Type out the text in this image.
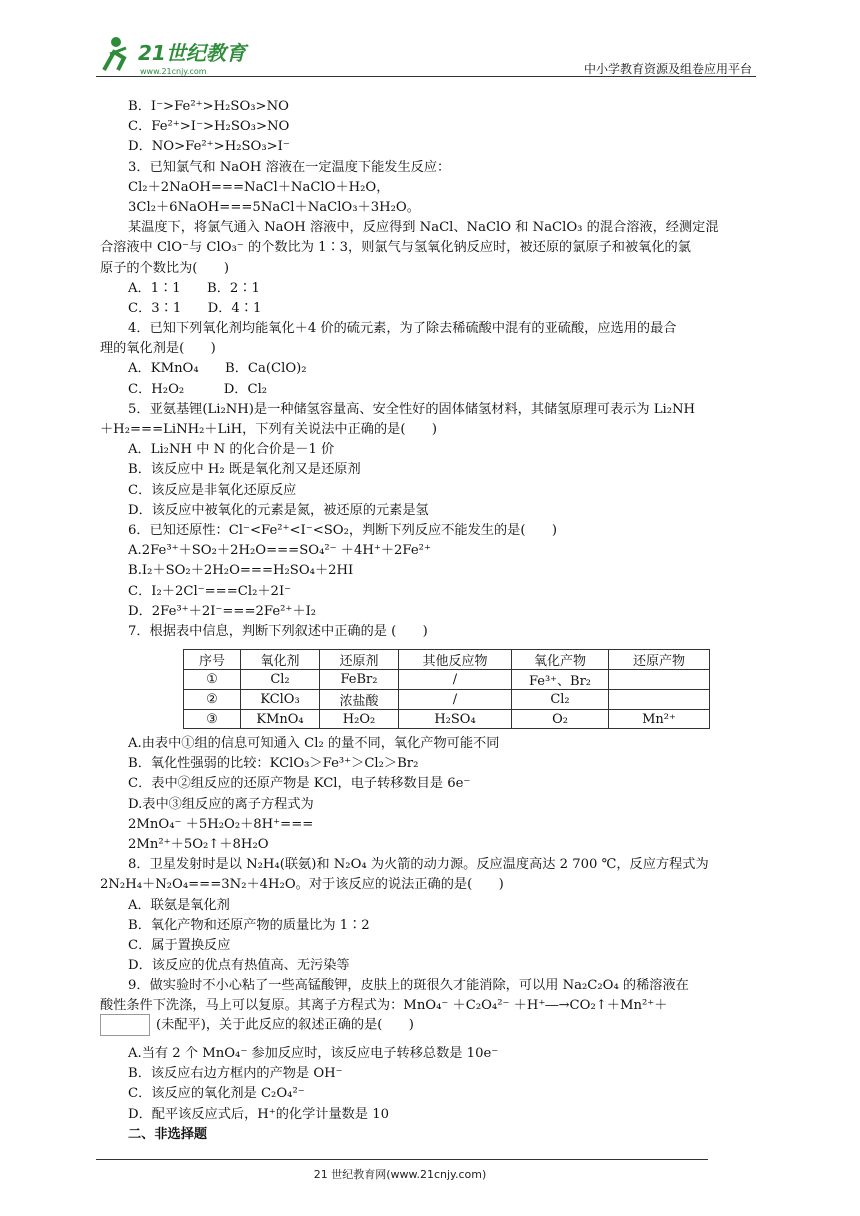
21世纪教育
www.21cnjy.com	中小学教育资源及组卷应用平台
B．I⁻>Fe²⁺>H₂SO₃>NO
C．Fe²⁺>I⁻>H₂SO₃>NO
D．NO>Fe²⁺>H₂SO₃>I⁻
3．已知氯气和 NaOH 溶液在一定温度下能发生反应：
Cl₂＋2NaOH===NaCl＋NaClO＋H₂O，
3Cl₂＋6NaOH===5NaCl＋NaClO₃＋3H₂O。
某温度下，将氯气通入 NaOH 溶液中，反应得到 NaCl、NaClO 和 NaClO₃ 的混合溶液，经测定混
合溶液中 ClO⁻与 ClO₃⁻ 的个数比为 1∶3，则氯气与氢氧化钠反应时，被还原的氯原子和被氧化的氯
原子的个数比为(　　)
A．1∶1　　B．2∶1
C．3∶1　　D．4∶1
4．已知下列氧化剂均能氧化＋4 价的硫元素，为了除去稀硫酸中混有的亚硫酸，应选用的最合
理的氧化剂是(　　)
A．KMnO₄　　B．Ca(ClO)₂
C．H₂O₂　　　D．Cl₂
5．亚氨基锂(Li₂NH)是一种储氢容量高、安全性好的固体储氢材料，其储氢原理可表示为 Li₂NH
＋H₂===LiNH₂＋LiH，下列有关说法中正确的是(　　)
A．Li₂NH 中 N 的化合价是－1 价
B．该反应中 H₂ 既是氧化剂又是还原剂
C．该反应是非氧化还原反应
D．该反应中被氧化的元素是氮，被还原的元素是氢
6．已知还原性：Cl⁻<Fe²⁺<I⁻<SO₂，判断下列反应不能发生的是(　　)
A.2Fe³⁺＋SO₂＋2H₂O===SO₄²⁻ ＋4H⁺＋2Fe²⁺
B.I₂＋SO₂＋2H₂O===H₂SO₄＋2HI
C．I₂＋2Cl⁻===Cl₂＋2I⁻
D．2Fe³⁺＋2I⁻===2Fe²⁺＋I₂
7．根据表中信息，判断下列叙述中正确的是 (　　)
序号	氧化剂	还原剂	其他反应物	氧化产物	还原产物
①	Cl₂	FeBr₂	/	Fe³⁺、Br₂	
②	KClO₃	浓盐酸	/	Cl₂	
③	KMnO₄	H₂O₂	H₂SO₄	O₂	Mn²⁺
A.由表中①组的信息可知通入 Cl₂ 的量不同，氧化产物可能不同
B．氧化性强弱的比较：KClO₃＞Fe³⁺＞Cl₂＞Br₂
C．表中②组反应的还原产物是 KCl，电子转移数目是 6e⁻
D.表中③组反应的离子方程式为
2MnO₄⁻ ＋5H₂O₂＋8H⁺===
2Mn²⁺＋5O₂↑＋8H₂O
8．卫星发射时是以 N₂H₄(联氨)和 N₂O₄ 为火箭的动力源。反应温度高达 2 700 ℃，反应方程式为
2N₂H₄＋N₂O₄===3N₂＋4H₂O。对于该反应的说法正确的是(　　)
A．联氨是氧化剂
B．氧化产物和还原产物的质量比为 1∶2
C．属于置换反应
D．该反应的优点有热值高、无污染等
9．做实验时不小心粘了一些高锰酸钾，皮肤上的斑很久才能消除，可以用 Na₂C₂O₄ 的稀溶液在
酸性条件下洗涤，马上可以复原。其离子方程式为：MnO₄⁻ ＋C₂O₄²⁻ ＋H⁺―→CO₂↑＋Mn²⁺＋
(未配平)，关于此反应的叙述正确的是(　　)
A.当有 2 个 MnO₄⁻ 参加反应时，该反应电子转移总数是 10e⁻
B．该反应右边方框内的产物是 OH⁻
C．该反应的氧化剂是 C₂O₄²⁻
D．配平该反应式后，H⁺的化学计量数是 10
二、非选择题
21 世纪教育网(www.21cnjy.com)
